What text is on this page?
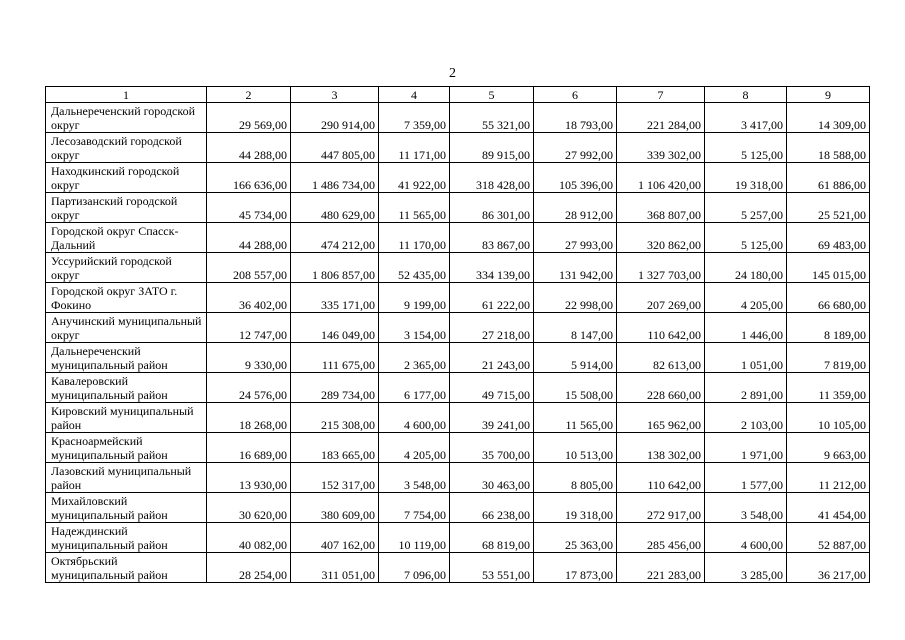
2
1	2	3	4	5	6	7	8	9
Дальнереченский городской округ	29 569,00	290 914,00	7 359,00	55 321,00	18 793,00	221 284,00	3 417,00	14 309,00
Лесозаводский городской округ	44 288,00	447 805,00	11 171,00	89 915,00	27 992,00	339 302,00	5 125,00	18 588,00
Находкинский городской округ	166 636,00	1 486 734,00	41 922,00	318 428,00	105 396,00	1 106 420,00	19 318,00	61 886,00
Партизанский городской округ	45 734,00	480 629,00	11 565,00	86 301,00	28 912,00	368 807,00	5 257,00	25 521,00
Городской округ Спасск-Дальний	44 288,00	474 212,00	11 170,00	83 867,00	27 993,00	320 862,00	5 125,00	69 483,00
Уссурийский городской округ	208 557,00	1 806 857,00	52 435,00	334 139,00	131 942,00	1 327 703,00	24 180,00	145 015,00
Городской округ ЗАТО г. Фокино	36 402,00	335 171,00	9 199,00	61 222,00	22 998,00	207 269,00	4 205,00	66 680,00
Анучинский муниципальный округ	12 747,00	146 049,00	3 154,00	27 218,00	8 147,00	110 642,00	1 446,00	8 189,00
Дальнереченский муниципальный район	9 330,00	111 675,00	2 365,00	21 243,00	5 914,00	82 613,00	1 051,00	7 819,00
Кавалеровский муниципальный район	24 576,00	289 734,00	6 177,00	49 715,00	15 508,00	228 660,00	2 891,00	11 359,00
Кировский муниципальный район	18 268,00	215 308,00	4 600,00	39 241,00	11 565,00	165 962,00	2 103,00	10 105,00
Красноармейский муниципальный район	16 689,00	183 665,00	4 205,00	35 700,00	10 513,00	138 302,00	1 971,00	9 663,00
Лазовский муниципальный район	13 930,00	152 317,00	3 548,00	30 463,00	8 805,00	110 642,00	1 577,00	11 212,00
Михайловский муниципальный район	30 620,00	380 609,00	7 754,00	66 238,00	19 318,00	272 917,00	3 548,00	41 454,00
Надеждинский муниципальный район	40 082,00	407 162,00	10 119,00	68 819,00	25 363,00	285 456,00	4 600,00	52 887,00
Октябрьский муниципальный район	28 254,00	311 051,00	7 096,00	53 551,00	17 873,00	221 283,00	3 285,00	36 217,00
